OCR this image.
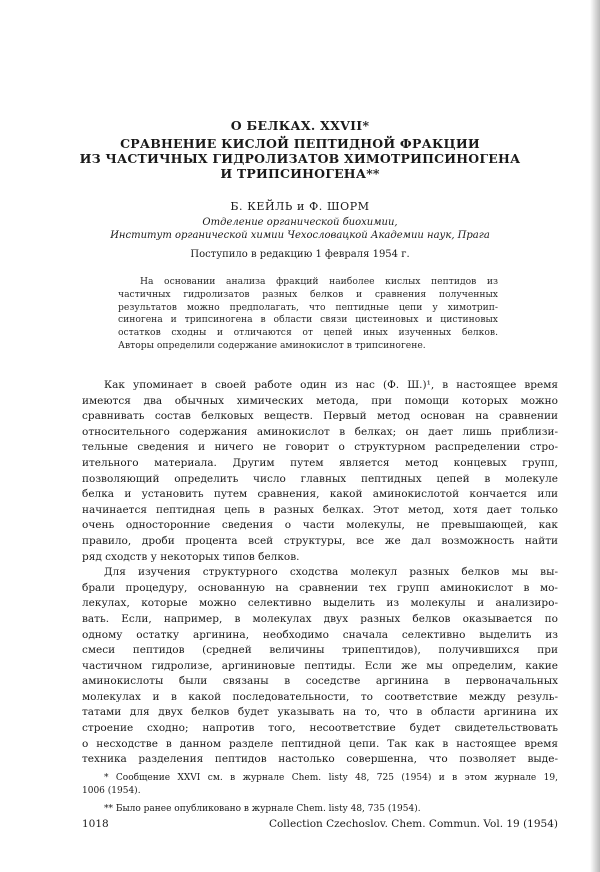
О БЕЛКАХ. XXVII*
СРАВНЕНИЕ КИСЛОЙ ПЕПТИДНОЙ ФРАКЦИИ
ИЗ ЧАСТИЧНЫХ ГИДРОЛИЗАТОВ ХИМОТРИПСИНОГЕНА
И ТРИПСИНОГЕНА**
Б. КЕЙЛЬ и Ф. ШОРМ
Отделение органической биохимии,
Институт органической химии Чехословацкой Академии наук, Прага
Поступило в редакцию 1 февраля 1954 г.
На основании анализа фракций наиболее кислых пептидов из
частичных гидролизатов разных белков и сравнения полученных
результатов можно предполагать, что пептидные цепи у химотрип-
синогена и трипсиногена в области связи цистеиновых и цистиновых
остатков сходны и отличаются от цепей иных изученных белков.
Авторы определили содержание аминокислот в трипсиногене.
Как упоминает в своей работе один из нас (Ф. Ш.)¹, в настоящее время
имеются два обычных химических метода, при помощи которых можно
сравнивать состав белковых веществ. Первый метод основан на сравнении
относительного содержания аминокислот в белках; он дает лишь приблизи-
тельные сведения и ничего не говорит о структурном распределении стро-
ительного материала. Другим путем является метод концевых групп,
позволяющий определить число главных пептидных цепей в молекуле
белка и установить путем сравнения, какой аминокислотой кончается или
начинается пептидная цепь в разных белках. Этот метод, хотя дает только
очень односторонние сведения о части молекулы, не превышающей, как
правило, дроби процента всей структуры, все же дал возможность найти
ряд сходств у некоторых типов белков.
Для изучения структурного сходства молекул разных белков мы вы-
брали процедуру, основанную на сравнении тех групп аминокислот в мо-
лекулах, которые можно селективно выделить из молекулы и анализиро-
вать. Если, например, в молекулах двух разных белков оказывается по
одному остатку аргинина, необходимо сначала селективно выделить из
смеси пептидов (средней величины трипептидов), получившихся при
частичном гидролизе, аргининовые пептиды. Если же мы определим, какие
аминокислоты были связаны в соседстве аргинина в первоначальных
молекулах и в какой последовательности, то соответствие между резуль-
татами для двух белков будет указывать на то, что в области аргинина их
строение сходно; напротив того, несоответствие будет свидетельствовать
о несходстве в данном разделе пептидной цепи. Так как в настоящее время
техника разделения пептидов настолько совершенна, что позволяет выде-
* Сообщение XXVI см. в журнале Chem. listy 48, 725 (1954) и в этом журнале 19,
1006 (1954).
** Было ранее опубликовано в журнале Chem. listy 48, 735 (1954).
1018	Collection Czechoslov. Chem. Commun. Vol. 19 (1954)
